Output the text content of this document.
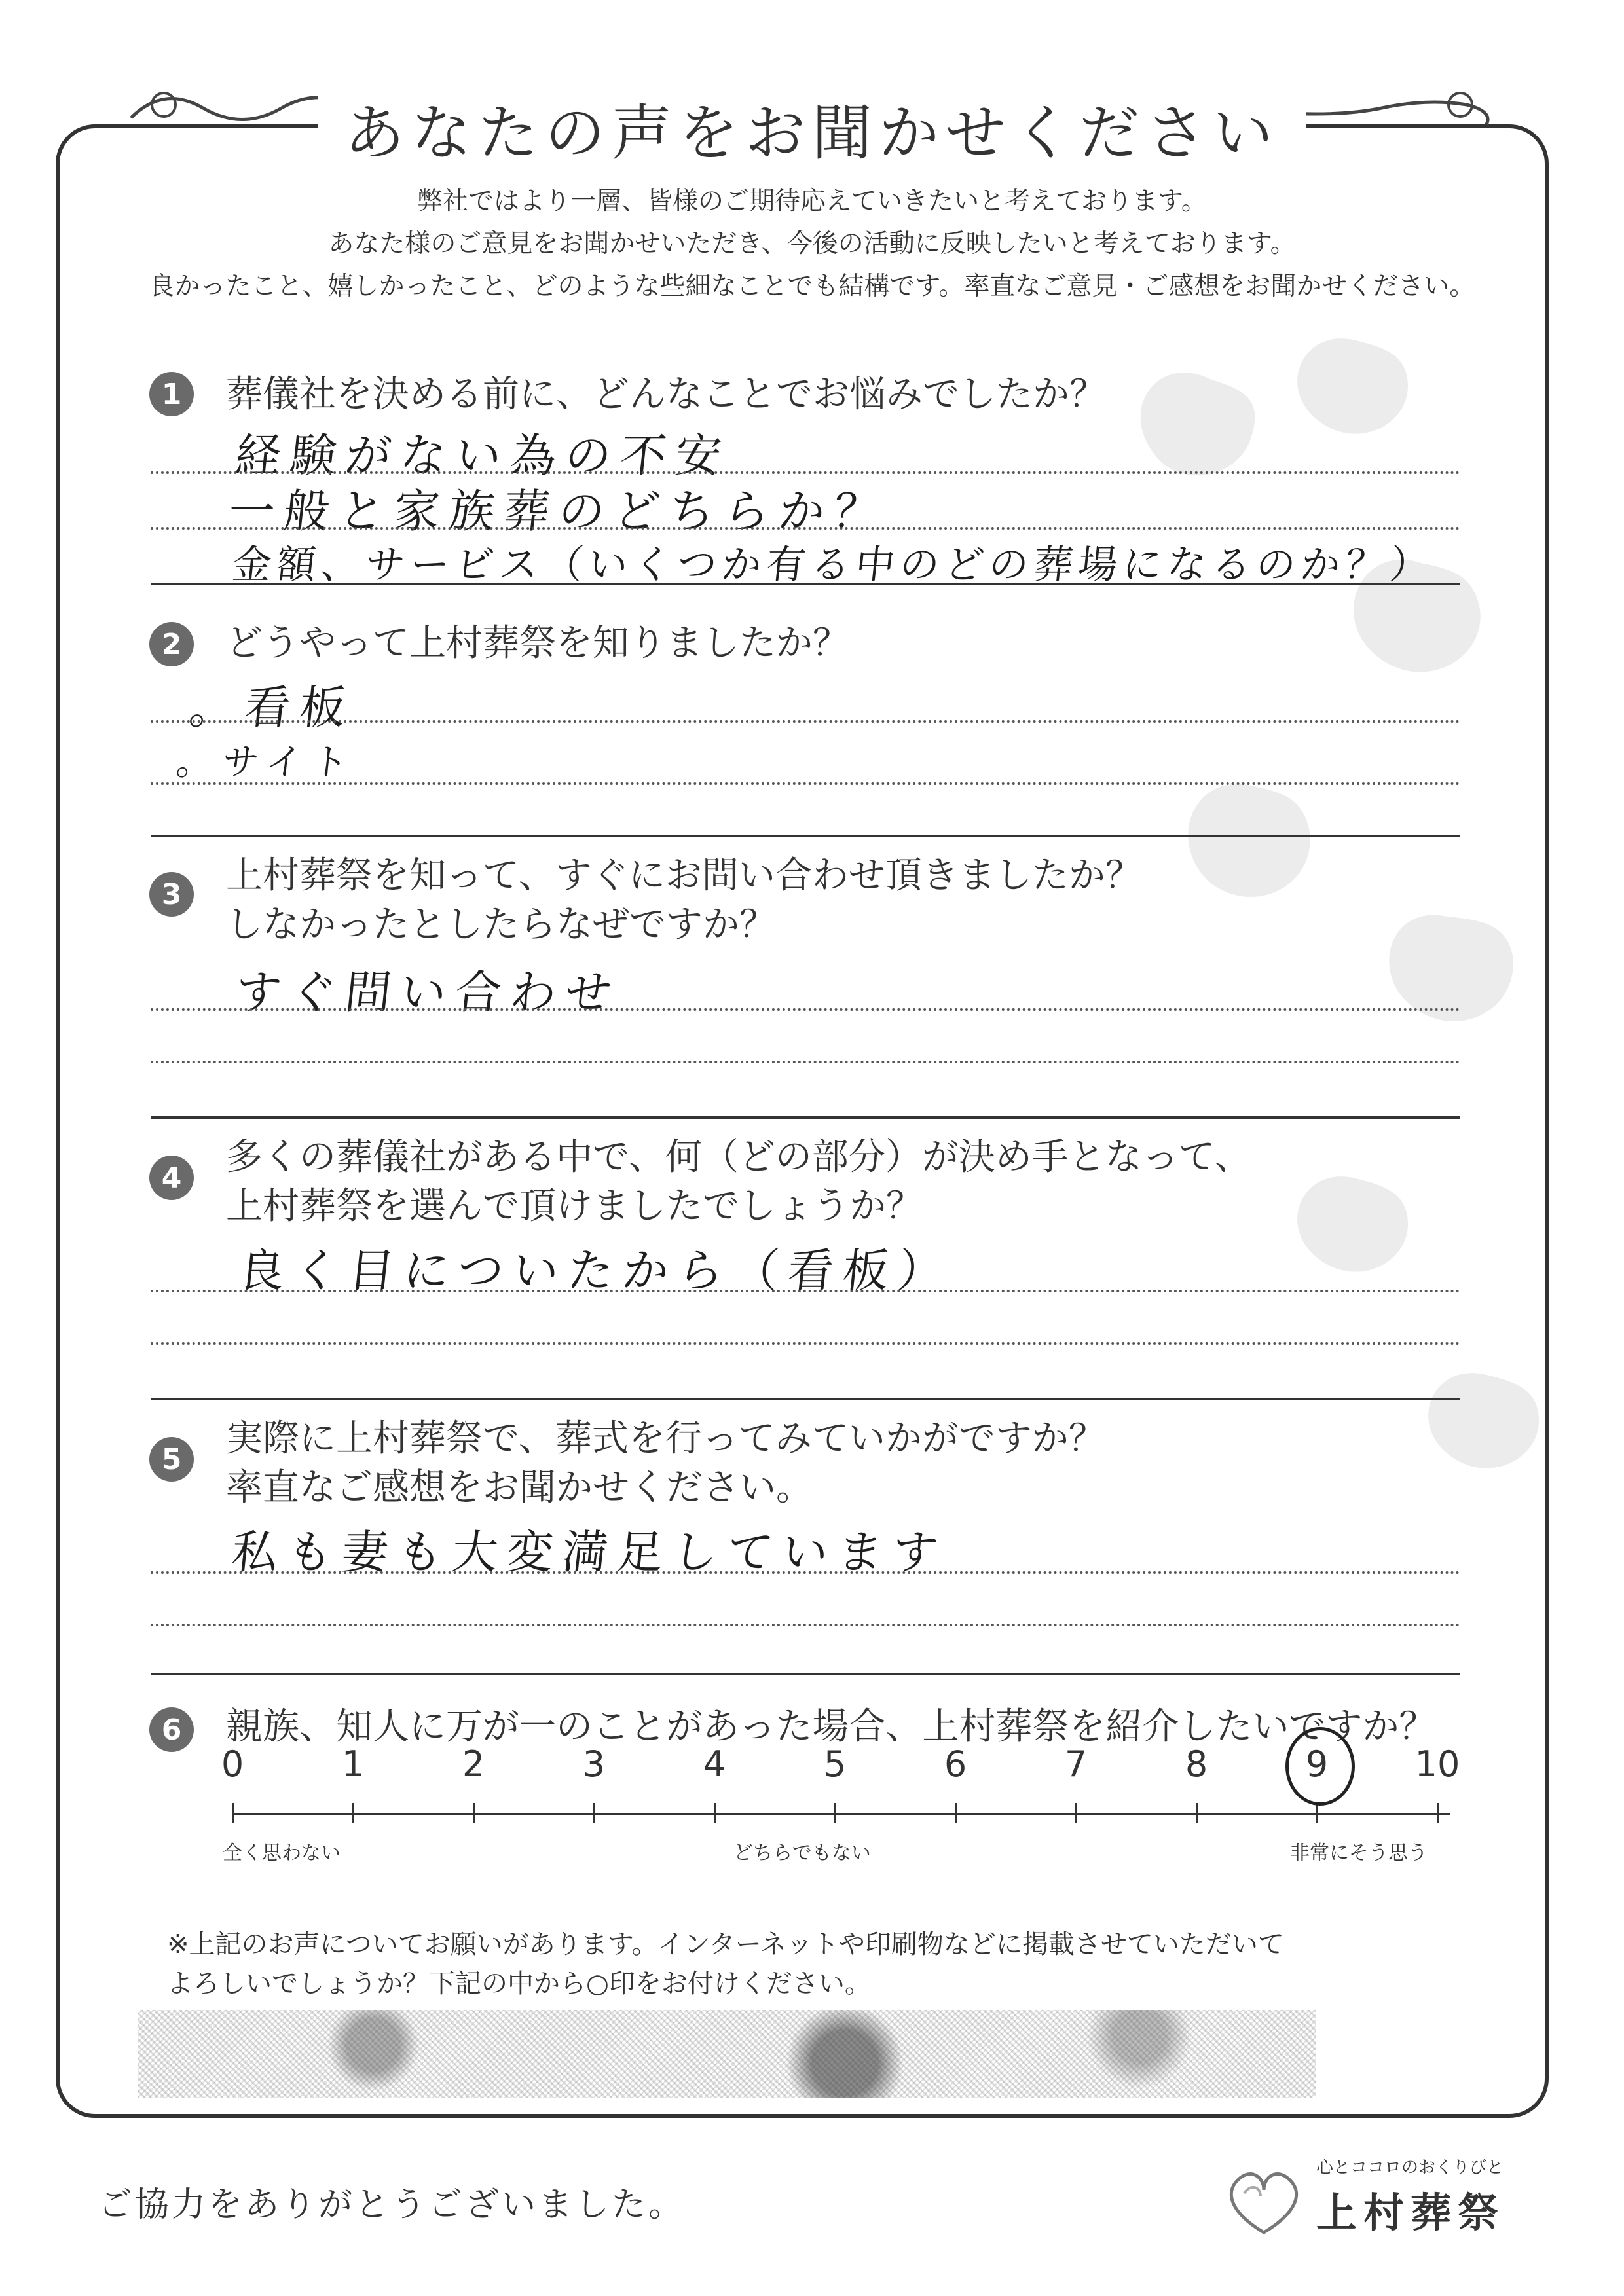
あなたの声をお聞かせください
弊社ではより一層、皆様のご期待応えていきたいと考えております。
あなた様のご意見をお聞かせいただき、今後の活動に反映したいと考えております。
良かったこと、嬉しかったこと、どのような些細なことでも結構です。率直なご意見・ご感想をお聞かせください。
1	葬儀社を決める前に、どんなことでお悩みでしたか？
経験がない為の不安
一般と家族葬のどちらか？
金額、サービス（いくつか有る中のどの葬場になるのか？）
2	どうやって上村葬祭を知りましたか？
。看板
。サイト
3	上村葬祭を知って、すぐにお問い合わせ頂きましたか？
しなかったとしたらなぜですか？
すぐ問い合わせ
4	多くの葬儀社がある中で、何（どの部分）が決め手となって、
上村葬祭を選んで頂けましたでしょうか？
良く目についたから（看板）
5	実際に上村葬祭で、葬式を行ってみていかがですか？
率直なご感想をお聞かせください。
私も妻も大変満足しています
6	親族、知人に万が一のことがあった場合、上村葬祭を紹介したいですか？
全く思わない	どちらでもない	非常にそう思う
0	1	2	3	4	5	6	7	8	9	10
※上記のお声についてお願いがあります。インターネットや印刷物などに掲載させていただいて
よろしいでしょうか？下記の中から○印をお付けください。
ご協力をありがとうございました。
心とココロのおくりびと
上村葬祭
